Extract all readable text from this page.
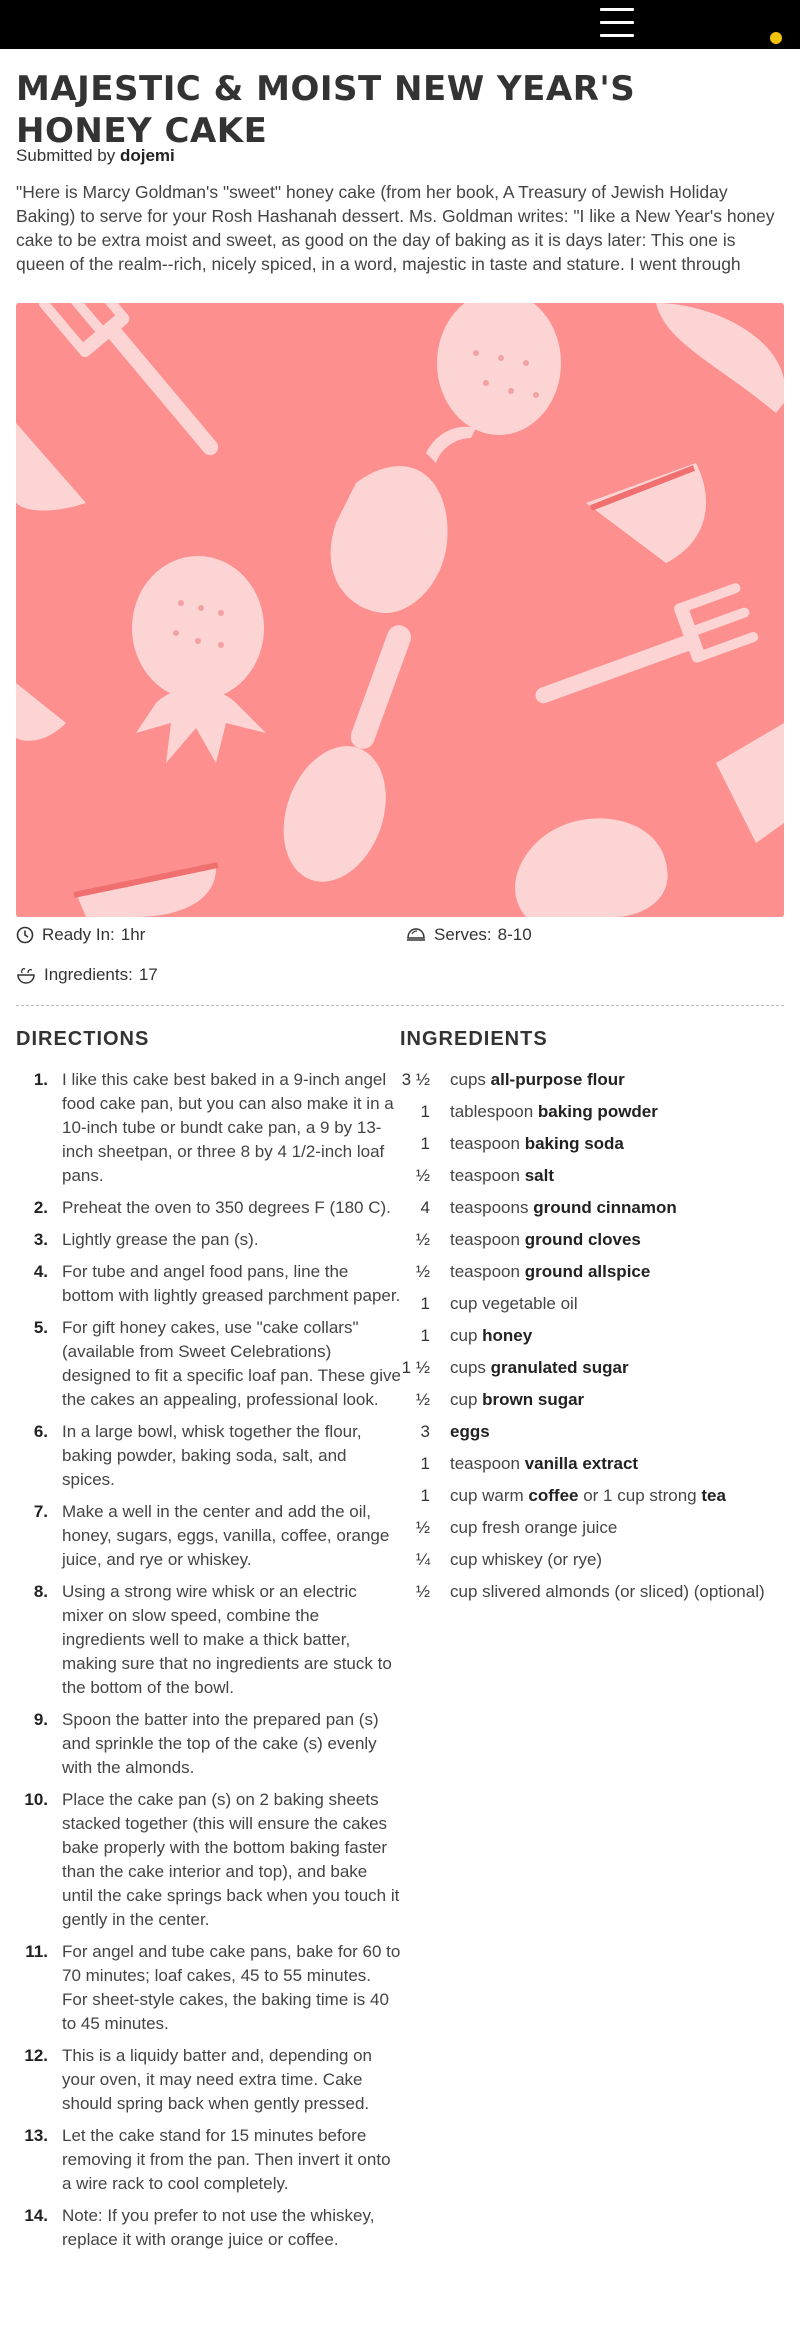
MAJESTIC & MOIST NEW YEAR'S HONEY CAKE
Submitted by dojemi

"Here is Marcy Goldman's "sweet" honey cake (from her book, A Treasury of Jewish Holiday Baking) to serve for your Rosh Hashanah dessert. Ms. Goldman writes: "I like a New Year's honey cake to be extra moist and sweet, as good on the day of baking as it is days later: This one is queen of the realm--rich, nicely spiced, in a word, majestic in taste and stature. I went through

Ready In: 1hr	Serves: 8-10
Ingredients: 17
DIRECTIONS	INGREDIENTS
1. I like this cake best baked in a 9-inch angel food cake pan, but you can also make it in a 10-inch tube or bundt cake pan, a 9 by 13-inch sheetpan, or three 8 by 4 1/2-inch loaf pans.
2. Preheat the oven to 350 degrees F (180 C).
3. Lightly grease the pan (s).
4. For tube and angel food pans, line the bottom with lightly greased parchment paper.
5. For gift honey cakes, use "cake collars" (available from Sweet Celebrations) designed to fit a specific loaf pan. These give the cakes an appealing, professional look.
6. In a large bowl, whisk together the flour, baking powder, baking soda, salt, and spices.
7. Make a well in the center and add the oil, honey, sugars, eggs, vanilla, coffee, orange juice, and rye or whiskey.
8. Using a strong wire whisk or an electric mixer on slow speed, combine the ingredients well to make a thick batter, making sure that no ingredients are stuck to the bottom of the bowl.
9. Spoon the batter into the prepared pan (s) and sprinkle the top of the cake (s) evenly with the almonds.
10. Place the cake pan (s) on 2 baking sheets stacked together (this will ensure the cakes bake properly with the bottom baking faster than the cake interior and top), and bake until the cake springs back when you touch it gently in the center.
11. For angel and tube cake pans, bake for 60 to 70 minutes; loaf cakes, 45 to 55 minutes. For sheet-style cakes, the baking time is 40 to 45 minutes.
12. This is a liquidy batter and, depending on your oven, it may need extra time. Cake should spring back when gently pressed.
13. Let the cake stand for 15 minutes before removing it from the pan. Then invert it onto a wire rack to cool completely.
14. Note: If you prefer to not use the whiskey, replace it with orange juice or coffee.
3 ½ cups all-purpose flour
1 tablespoon baking powder
1 teaspoon baking soda
½ teaspoon salt
4 teaspoons ground cinnamon
½ teaspoon ground cloves
½ teaspoon ground allspice
1 cup vegetable oil
1 cup honey
1 ½ cups granulated sugar
½ cup brown sugar
3 eggs
1 teaspoon vanilla extract
1 cup warm coffee or 1 cup strong tea
½ cup fresh orange juice
¼ cup whiskey (or rye)
½ cup slivered almonds (or sliced) (optional)
